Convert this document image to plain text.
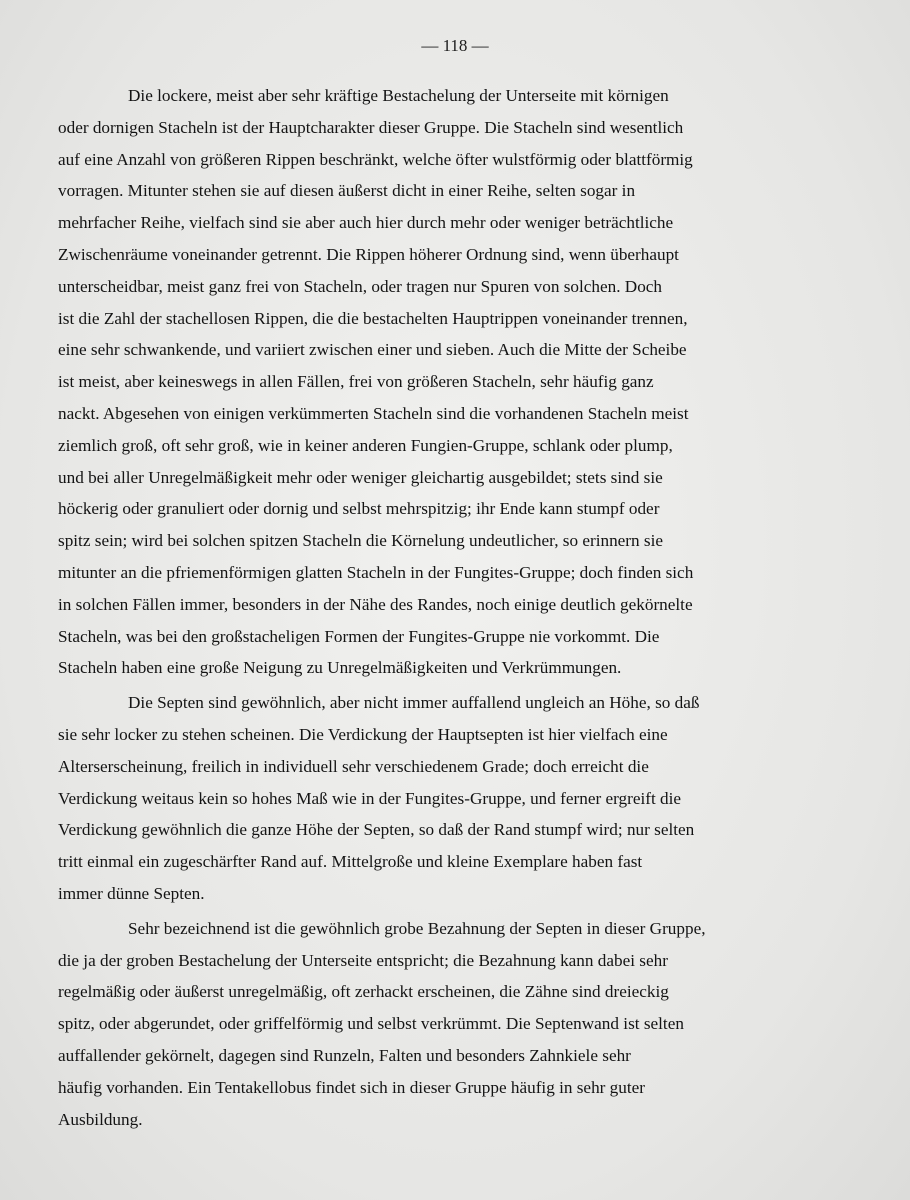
— 118 —

Die lockere, meist aber sehr kräftige Bestachelung der Unterseite mit körnigen
oder dornigen Stacheln ist der Hauptcharakter dieser Gruppe. Die Stacheln sind wesentlich
auf eine Anzahl von größeren Rippen beschränkt, welche öfter wulstförmig oder blattförmig
vorragen. Mitunter stehen sie auf diesen äußerst dicht in einer Reihe, selten sogar in
mehrfacher Reihe, vielfach sind sie aber auch hier durch mehr oder weniger beträchtliche
Zwischenräume voneinander getrennt. Die Rippen höherer Ordnung sind, wenn überhaupt
unterscheidbar, meist ganz frei von Stacheln, oder tragen nur Spuren von solchen. Doch
ist die Zahl der stachellosen Rippen, die die bestachelten Hauptrippen voneinander trennen,
eine sehr schwankende, und variiert zwischen einer und sieben. Auch die Mitte der Scheibe
ist meist, aber keineswegs in allen Fällen, frei von größeren Stacheln, sehr häufig ganz
nackt. Abgesehen von einigen verkümmerten Stacheln sind die vorhandenen Stacheln meist
ziemlich groß, oft sehr groß, wie in keiner anderen Fungien-Gruppe, schlank oder plump,
und bei aller Unregelmäßigkeit mehr oder weniger gleichartig ausgebildet; stets sind sie
höckerig oder granuliert oder dornig und selbst mehrspitzig; ihr Ende kann stumpf oder
spitz sein; wird bei solchen spitzen Stacheln die Körnelung undeutlicher, so erinnern sie
mitunter an die pfriemenförmigen glatten Stacheln in der Fungites-Gruppe; doch finden sich
in solchen Fällen immer, besonders in der Nähe des Randes, noch einige deutlich gekörnelte
Stacheln, was bei den großstacheligen Formen der Fungites-Gruppe nie vorkommt. Die
Stacheln haben eine große Neigung zu Unregelmäßigkeiten und Verkrümmungen.

Die Septen sind gewöhnlich, aber nicht immer auffallend ungleich an Höhe, so daß
sie sehr locker zu stehen scheinen. Die Verdickung der Hauptsepten ist hier vielfach eine
Alterserscheinung, freilich in individuell sehr verschiedenem Grade; doch erreicht die
Verdickung weitaus kein so hohes Maß wie in der Fungites-Gruppe, und ferner ergreift die
Verdickung gewöhnlich die ganze Höhe der Septen, so daß der Rand stumpf wird; nur selten
tritt einmal ein zugeschärfter Rand auf. Mittelgroße und kleine Exemplare haben fast
immer dünne Septen.

Sehr bezeichnend ist die gewöhnlich grobe Bezahnung der Septen in dieser Gruppe,
die ja der groben Bestachelung der Unterseite entspricht; die Bezahnung kann dabei sehr
regelmäßig oder äußerst unregelmäßig, oft zerhackt erscheinen, die Zähne sind dreieckig
spitz, oder abgerundet, oder griffelförmig und selbst verkrümmt. Die Septenwand ist selten
auffallender gekörnelt, dagegen sind Runzeln, Falten und besonders Zahnkiele sehr
häufig vorhanden. Ein Tentakellobus findet sich in dieser Gruppe häufig in sehr guter
Ausbildung.
